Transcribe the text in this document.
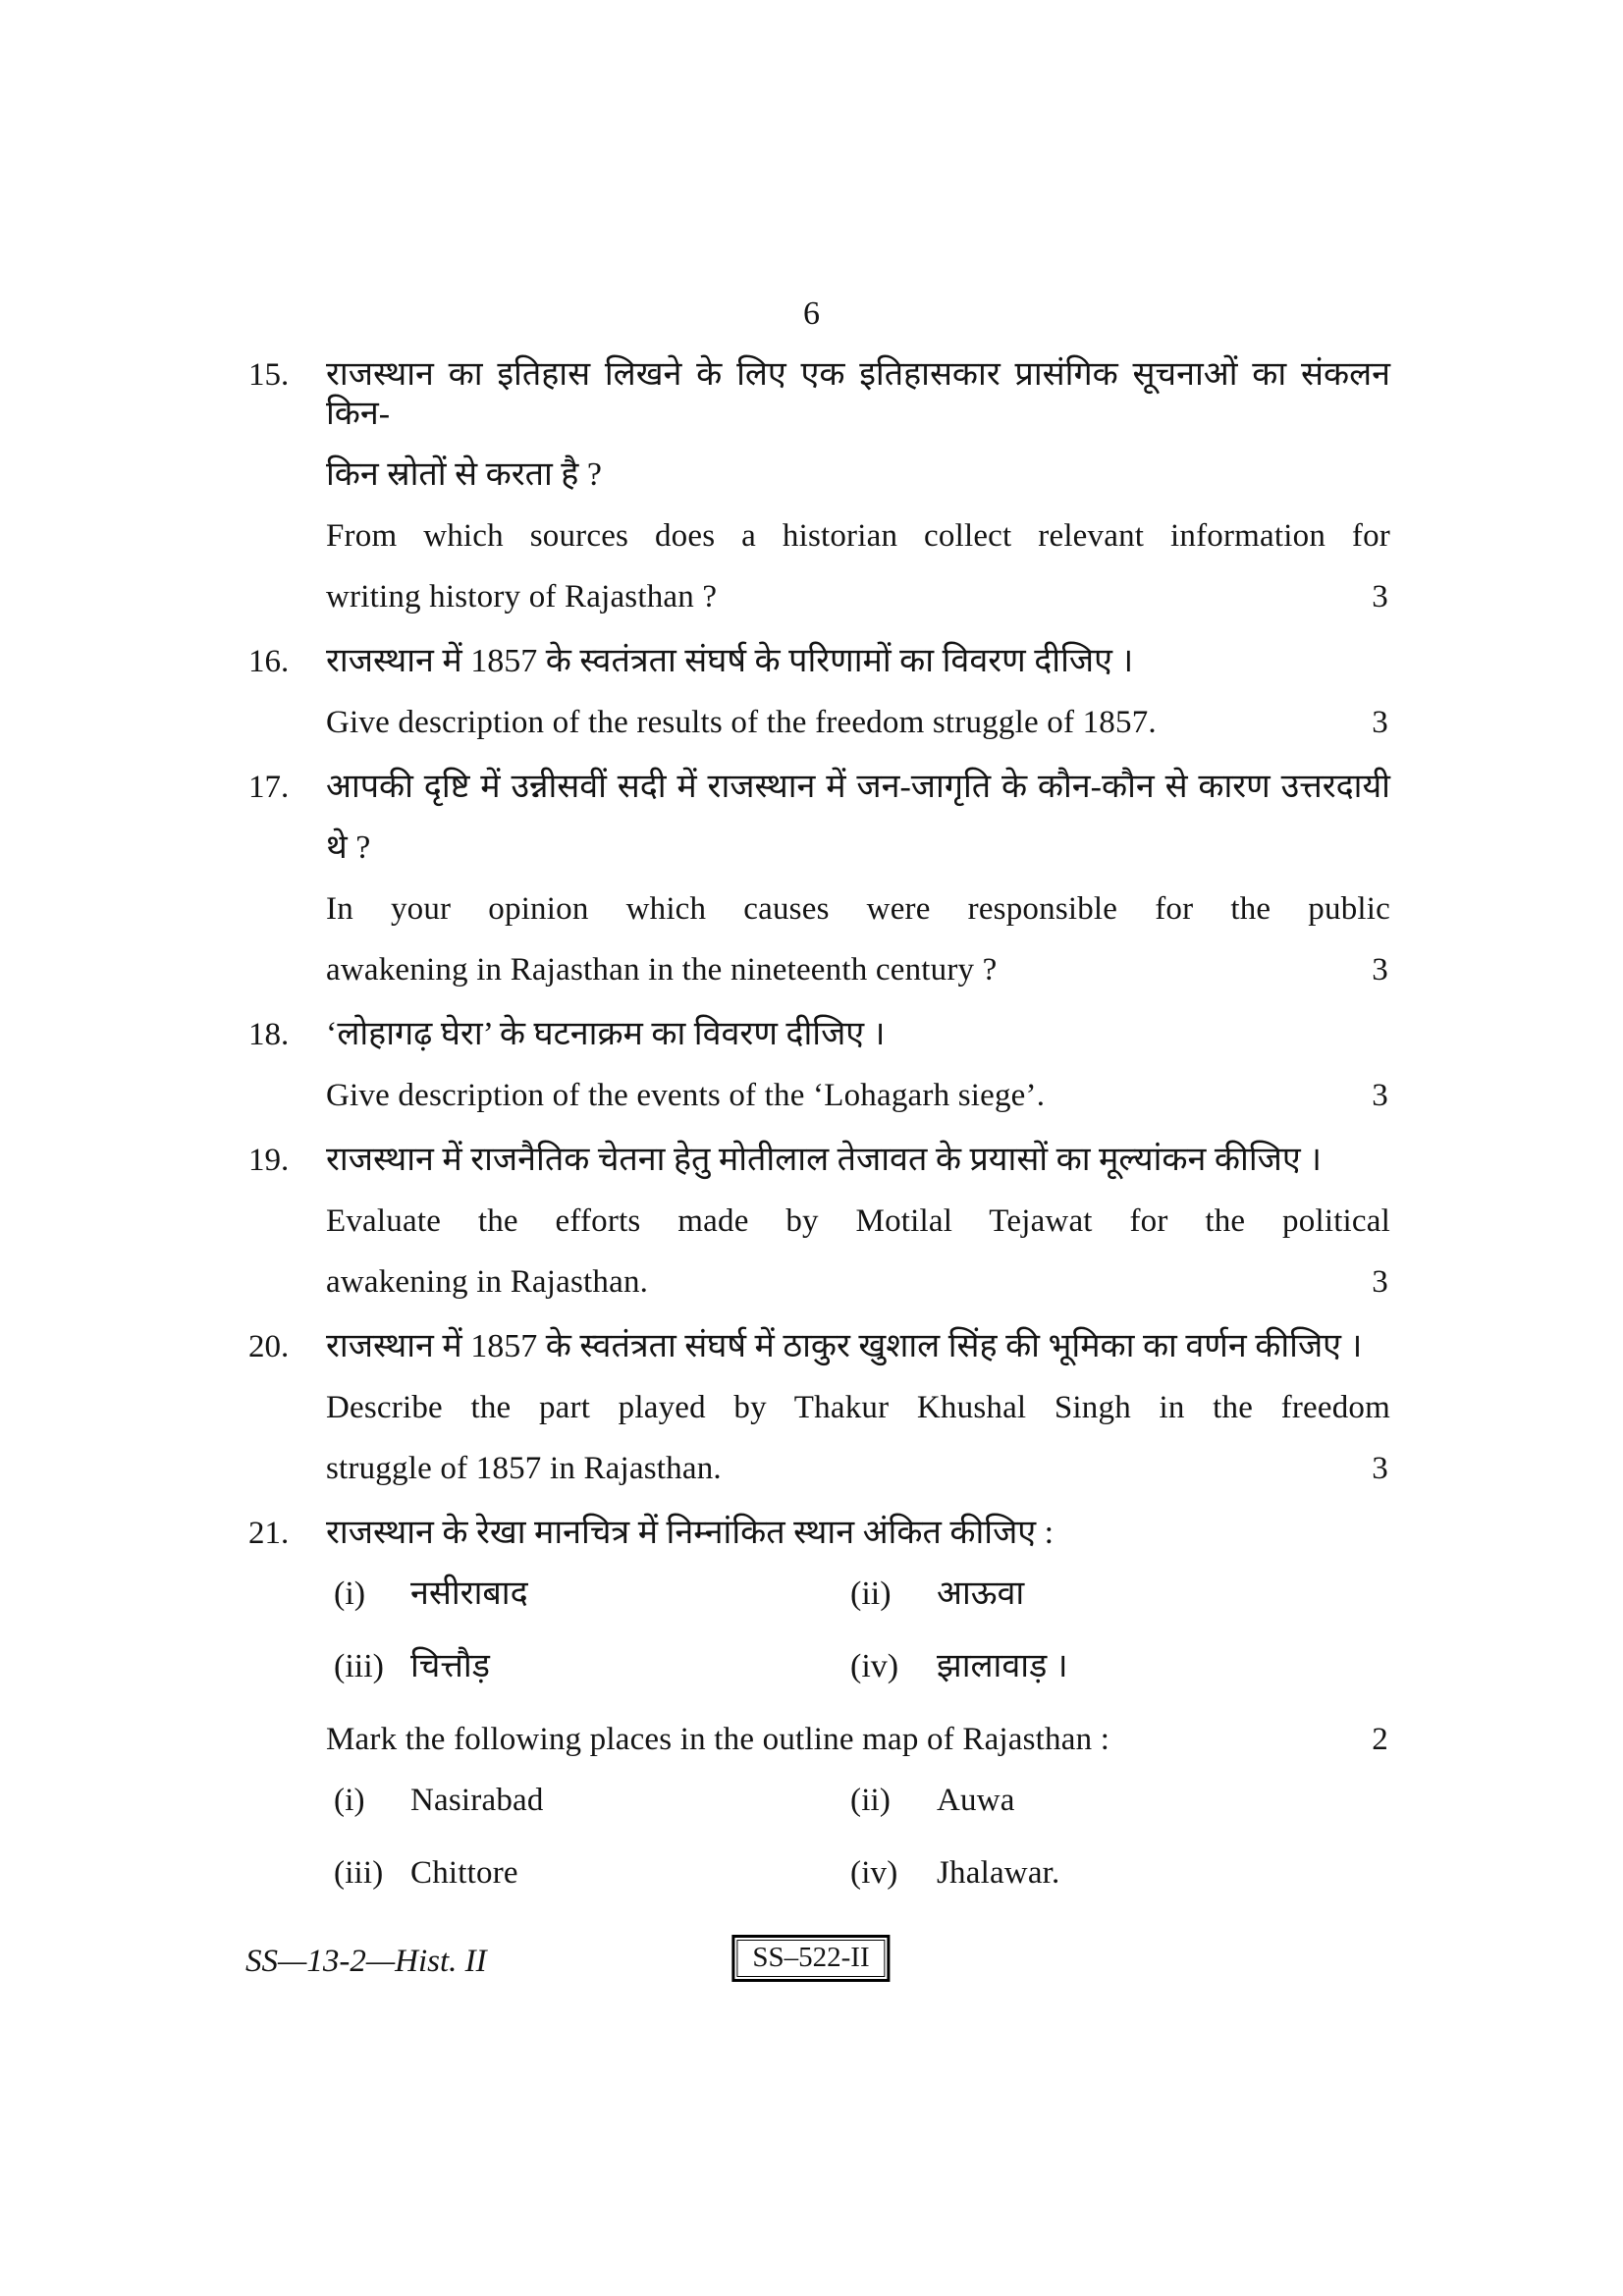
6
15.	राजस्थान का इतिहास लिखने के लिए एक इतिहासकार प्रासंगिक सूचनाओं का संकलन किन-
किन स्रोतों से करता है ?
From which sources does a historian collect relevant information for
3
writing history of Rajasthan ?
16.	राजस्थान में 1857 के स्वतंत्रता संघर्ष के परिणामों का विवरण दीजिए ।
3
Give description of the results of the freedom struggle of 1857.
17.	आपकी दृष्टि में उन्नीसवीं सदी में राजस्थान में जन-जागृति के कौन-कौन से कारण उत्तरदायी
थे ?
In your opinion which causes were responsible for the public
3
awakening in Rajasthan in the nineteenth century ?
18.	‘लोहागढ़ घेरा’ के घटनाक्रम का विवरण दीजिए ।
3
Give description of the events of the ‘Lohagarh siege’.
19.	राजस्थान में राजनैतिक चेतना हेतु मोतीलाल तेजावत के प्रयासों का मूल्यांकन कीजिए ।
Evaluate the efforts made by Motilal Tejawat for the political
3
awakening in Rajasthan.
20.	राजस्थान में 1857 के स्वतंत्रता संघर्ष में ठाकुर खुशाल सिंह की भूमिका का वर्णन कीजिए ।
Describe the part played by Thakur Khushal Singh in the freedom
3
struggle of 1857 in Rajasthan.
21.	राजस्थान के रेखा मानचित्र में निम्नांकित स्थान अंकित कीजिए :
(i)	नसीराबाद	(ii)	आऊवा
(iii) चित्तौड़	(iv)	झालावाड़ ।
2
Mark the following places in the outline map of Rajasthan :
(i)	Nasirabad	(ii)	Auwa
(iii) Chittore	(iv)	Jhalawar.
SS—13-2—Hist. II	SS–522-II
